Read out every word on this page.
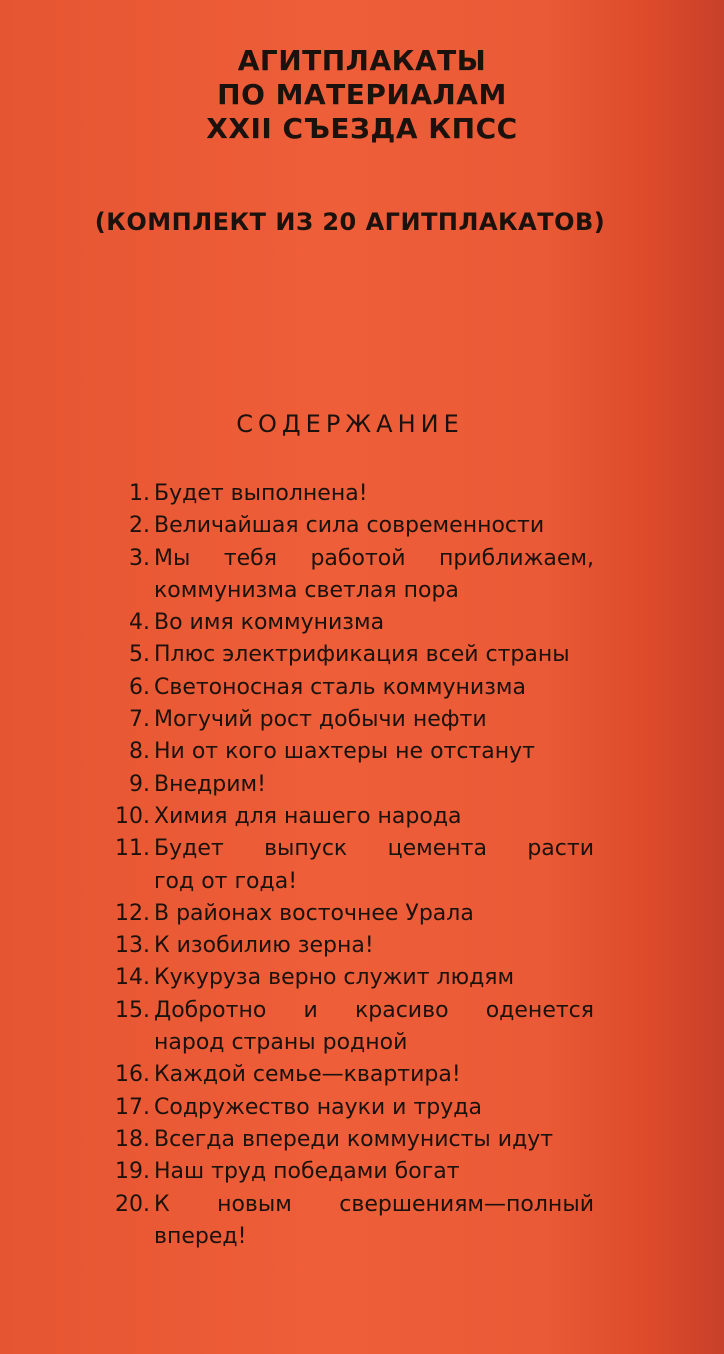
АГИТПЛАКАТЫ
ПО МАТЕРИАЛАМ
XXII СЪЕЗДА КПСС
(КОМПЛЕКТ ИЗ 20 АГИТПЛАКАТОВ)
СОДЕРЖАНИЕ
1. Будет выполнена!
2. Величайшая сила современности
3. Мы тебя работой приближаем,
коммунизма светлая пора
4. Во имя коммунизма
5. Плюс электрификация всей страны
6. Светоносная сталь коммунизма
7. Могучий рост добычи нефти
8. Ни от кого шахтеры не отстанут
9. Внедрим!
10. Химия для нашего народа
11. Будет выпуск цемента расти
год от года!
12. В районах восточнее Урала
13. К изобилию зерна!
14. Кукуруза верно служит людям
15. Добротно и красиво оденется
народ страны родной
16. Каждой семье—квартира!
17. Содружество науки и труда
18. Всегда впереди коммунисты идут
19. Наш труд победами богат
20. К новым свершениям—полный
вперед!
